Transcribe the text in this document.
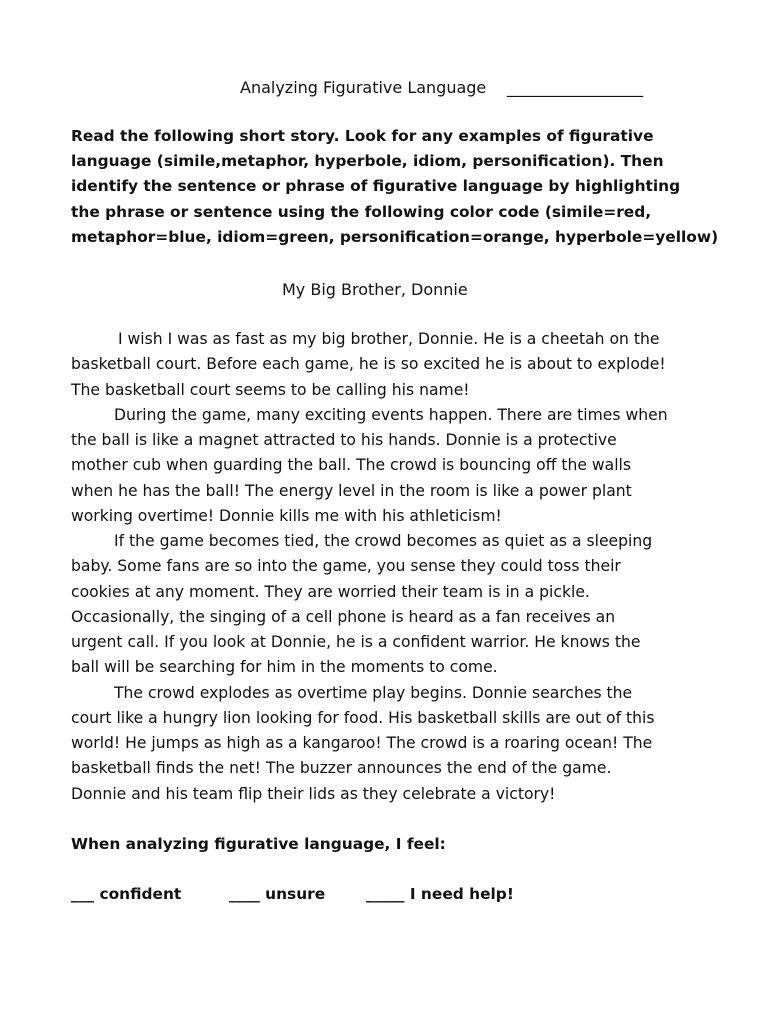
Analyzing Figurative Language _________________
Read the following short story. Look for any examples of figurative
language (simile,metaphor, hyperbole, idiom, personification). Then
identify the sentence or phrase of figurative language by highlighting
the phrase or sentence using the following color code (simile=red,
metaphor=blue, idiom=green, personification=orange, hyperbole=yellow)
My Big Brother, Donnie
I wish I was as fast as my big brother, Donnie. He is a cheetah on the
basketball court. Before each game, he is so excited he is about to explode!
The basketball court seems to be calling his name!
During the game, many exciting events happen. There are times when
the ball is like a magnet attracted to his hands. Donnie is a protective
mother cub when guarding the ball. The crowd is bouncing off the walls
when he has the ball! The energy level in the room is like a power plant
working overtime! Donnie kills me with his athleticism!
If the game becomes tied, the crowd becomes as quiet as a sleeping
baby. Some fans are so into the game, you sense they could toss their
cookies at any moment. They are worried their team is in a pickle.
Occasionally, the singing of a cell phone is heard as a fan receives an
urgent call. If you look at Donnie, he is a confident warrior. He knows the
ball will be searching for him in the moments to come.
The crowd explodes as overtime play begins. Donnie searches the
court like a hungry lion looking for food. His basketball skills are out of this
world! He jumps as high as a kangaroo! The crowd is a roaring ocean! The
basketball finds the net! The buzzer announces the end of the game.
Donnie and his team flip their lids as they celebrate a victory!
When analyzing figurative language, I feel:
___ confident	____ unsure	_____ I need help!
